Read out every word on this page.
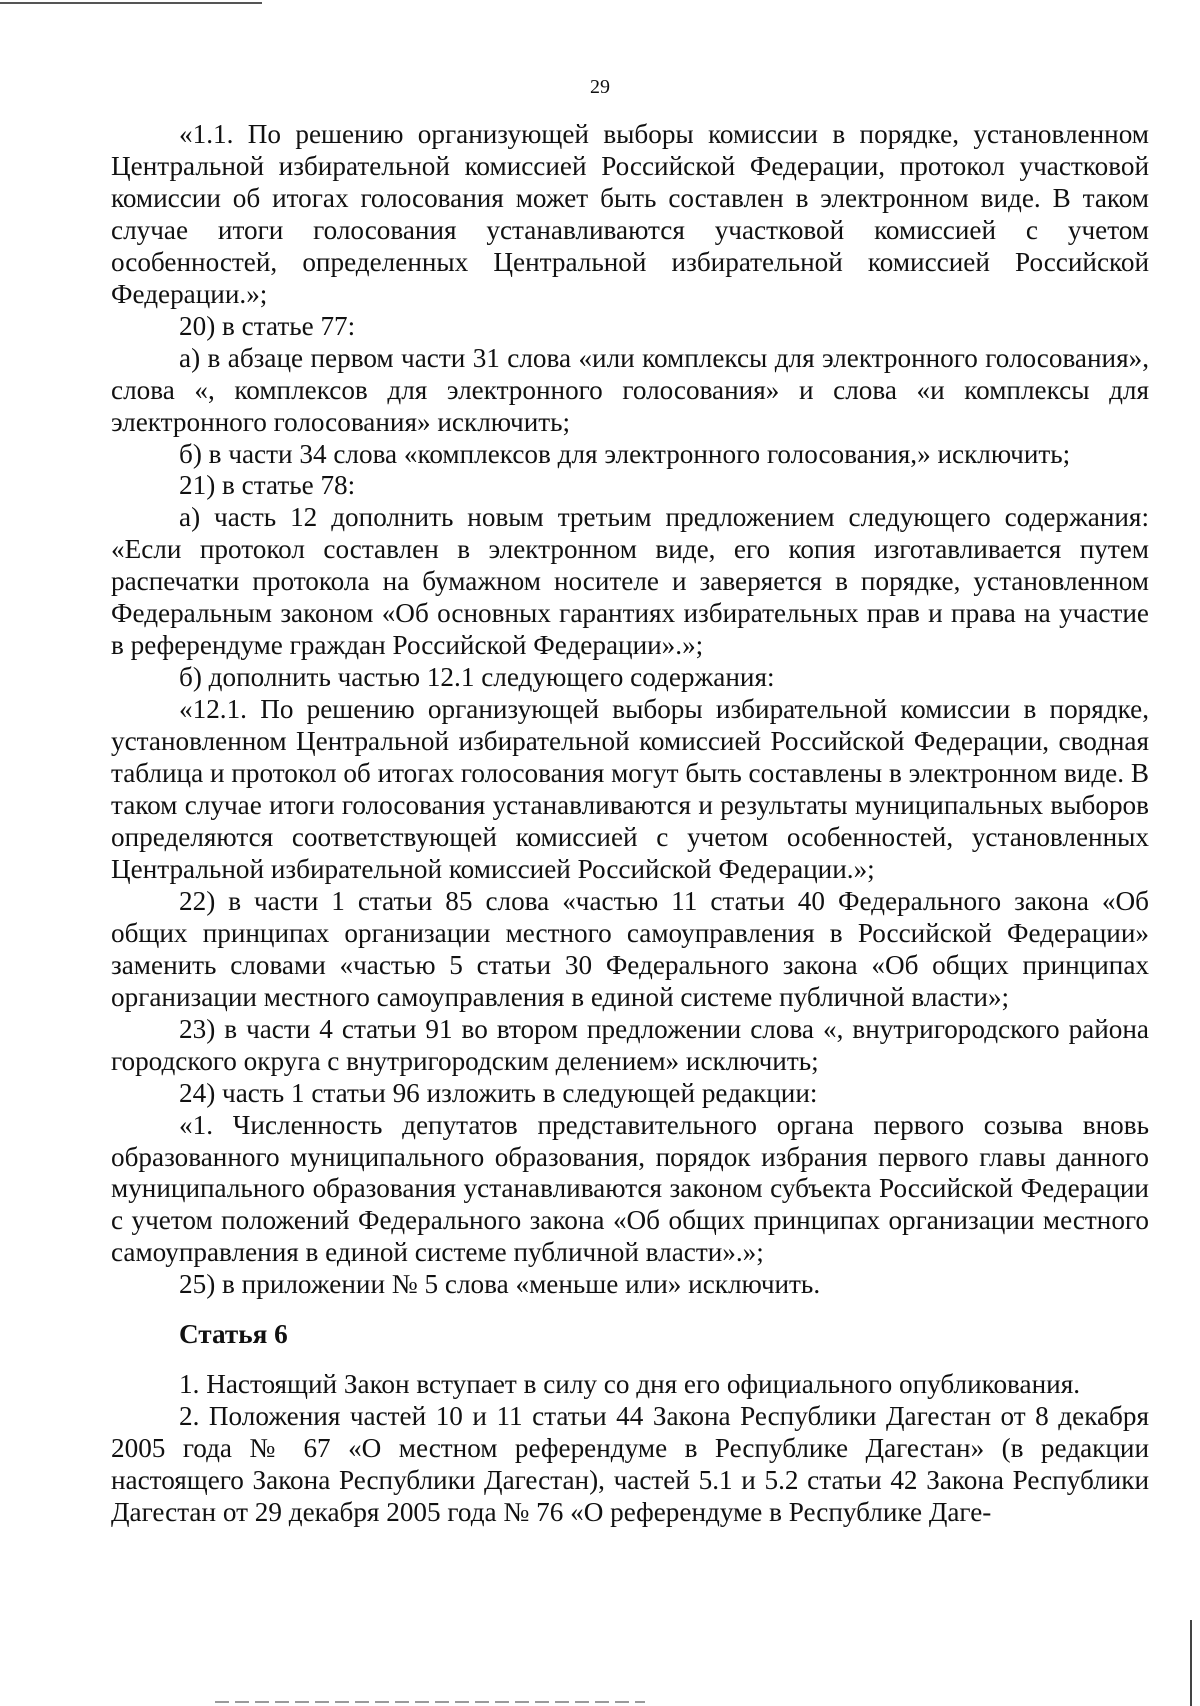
29

«1.1. По решению организующей выборы комиссии в порядке, установленном Центральной избирательной комиссией Российской Федерации, протокол участковой комиссии об итогах голосования может быть составлен в электронном виде. В таком случае итоги голосования устанавливаются участковой комиссией с учетом особенностей, определенных Центральной избирательной комиссией Российской Федерации.»;

20) в статье 77:

а) в абзаце первом части 31 слова «или комплексы для электронного голосования», слова «, комплексов для электронного голосования» и слова «и комплексы для электронного голосования» исключить;

б) в части 34 слова «комплексов для электронного голосования,» исключить;

21) в статье 78:

а) часть 12 дополнить новым третьим предложением следующего содержания: «Если протокол составлен в электронном виде, его копия изготавливается путем распечатки протокола на бумажном носителе и заверяется в порядке, установленном Федеральным законом «Об основных гарантиях избирательных прав и права на участие в референдуме граждан Российской Федерации».»;

б) дополнить частью 12.1 следующего содержания:

«12.1. По решению организующей выборы избирательной комиссии в порядке, установленном Центральной избирательной комиссией Российской Федерации, сводная таблица и протокол об итогах голосования могут быть составлены в электронном виде. В таком случае итоги голосования устанавливаются и результаты муниципальных выборов определяются соответствующей комиссией с учетом особенностей, установленных Центральной избирательной комиссией Российской Федерации.»;

22) в части 1 статьи 85 слова «частью 11 статьи 40 Федерального закона «Об общих принципах организации местного самоуправления в Российской Федерации» заменить словами «частью 5 статьи 30 Федерального закона «Об общих принципах организации местного самоуправления в единой системе публичной власти»;

23) в части 4 статьи 91 во втором предложении слова «, внутригородского района городского округа с внутригородским делением» исключить;

24) часть 1 статьи 96 изложить в следующей редакции:

«1. Численность депутатов представительного органа первого созыва вновь образованного муниципального образования, порядок избрания первого главы данного муниципального образования устанавливаются законом субъекта Российской Федерации с учетом положений Федерального закона «Об общих принципах организации местного самоуправления в единой системе публичной власти».»;

25) в приложении № 5 слова «меньше или» исключить.

Статья 6

1. Настоящий Закон вступает в силу со дня его официального опубликования.

2. Положения частей 10 и 11 статьи 44 Закона Республики Дагестан от 8 декабря 2005 года № 67 «О местном референдуме в Республике Дагестан» (в редакции настоящего Закона Республики Дагестан), частей 5.1 и 5.2 статьи 42 Закона Республики Дагестан от 29 декабря 2005 года № 76 «О референдуме в Республике Даге-
